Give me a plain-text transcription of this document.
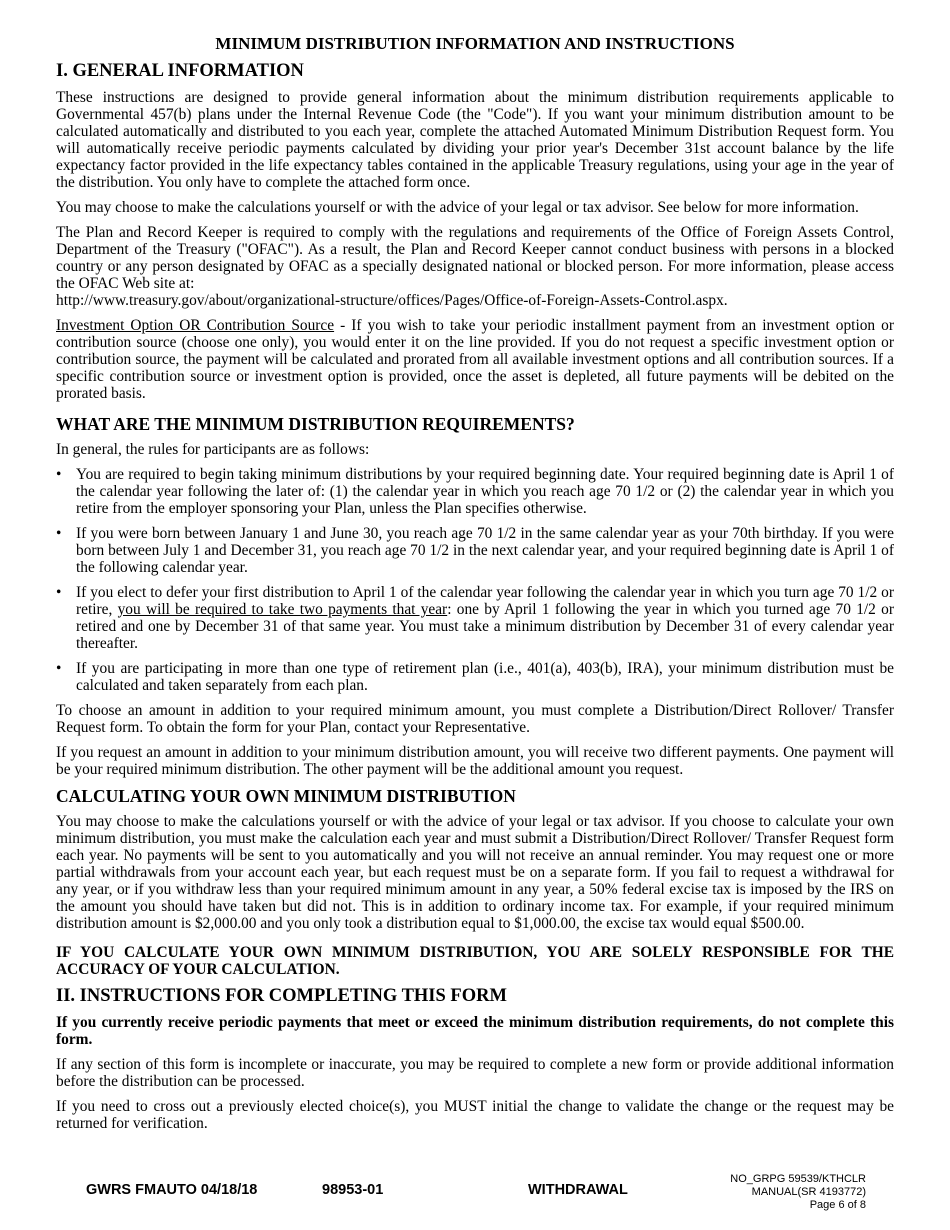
MINIMUM DISTRIBUTION INFORMATION AND INSTRUCTIONS
I. GENERAL INFORMATION

These instructions are designed to provide general information about the minimum distribution requirements applicable to Governmental 457(b) plans under the Internal Revenue Code (the "Code"). If you want your minimum distribution amount to be calculated automatically and distributed to you each year, complete the attached Automated Minimum Distribution Request form. You will automatically receive periodic payments calculated by dividing your prior year's December 31st account balance by the life expectancy factor provided in the life expectancy tables contained in the applicable Treasury regulations, using your age in the year of the distribution. You only have to complete the attached form once.

You may choose to make the calculations yourself or with the advice of your legal or tax advisor. See below for more information.

The Plan and Record Keeper is required to comply with the regulations and requirements of the Office of Foreign Assets Control, Department of the Treasury ("OFAC"). As a result, the Plan and Record Keeper cannot conduct business with persons in a blocked country or any person designated by OFAC as a specially designated national or blocked person. For more information, please access the OFAC Web site at:

http://www.treasury.gov/about/organizational-structure/offices/Pages/Office-of-Foreign-Assets-Control.aspx.

Investment Option OR Contribution Source - If you wish to take your periodic installment payment from an investment option or contribution source (choose one only), you would enter it on the line provided. If you do not request a specific investment option or contribution source, the payment will be calculated and prorated from all available investment options and all contribution sources. If a specific contribution source or investment option is provided, once the asset is depleted, all future payments will be debited on the prorated basis.

WHAT ARE THE MINIMUM DISTRIBUTION REQUIREMENTS?

In general, the rules for participants are as follows:

• You are required to begin taking minimum distributions by your required beginning date. Your required beginning date is April 1 of the calendar year following the later of: (1) the calendar year in which you reach age 70 1/2 or (2) the calendar year in which you retire from the employer sponsoring your Plan, unless the Plan specifies otherwise.
• If you were born between January 1 and June 30, you reach age 70 1/2 in the same calendar year as your 70th birthday. If you were born between July 1 and December 31, you reach age 70 1/2 in the next calendar year, and your required beginning date is April 1 of the following calendar year.
• If you elect to defer your first distribution to April 1 of the calendar year following the calendar year in which you turn age 70 1/2 or retire, you will be required to take two payments that year: one by April 1 following the year in which you turned age 70 1/2 or retired and one by December 31 of that same year. You must take a minimum distribution by December 31 of every calendar year thereafter.
• If you are participating in more than one type of retirement plan (i.e., 401(a), 403(b), IRA), your minimum distribution must be calculated and taken separately from each plan.

To choose an amount in addition to your required minimum amount, you must complete a Distribution/Direct Rollover/ Transfer Request form. To obtain the form for your Plan, contact your Representative.

If you request an amount in addition to your minimum distribution amount, you will receive two different payments. One payment will be your required minimum distribution. The other payment will be the additional amount you request.

CALCULATING YOUR OWN MINIMUM DISTRIBUTION

You may choose to make the calculations yourself or with the advice of your legal or tax advisor. If you choose to calculate your own minimum distribution, you must make the calculation each year and must submit a Distribution/Direct Rollover/ Transfer Request form each year. No payments will be sent to you automatically and you will not receive an annual reminder. You may request one or more partial withdrawals from your account each year, but each request must be on a separate form. If you fail to request a withdrawal for any year, or if you withdraw less than your required minimum amount in any year, a 50% federal excise tax is imposed by the IRS on the amount you should have taken but did not. This is in addition to ordinary income tax. For example, if your required minimum distribution amount is $2,000.00 and you only took a distribution equal to $1,000.00, the excise tax would equal $500.00.

IF YOU CALCULATE YOUR OWN MINIMUM DISTRIBUTION, YOU ARE SOLELY RESPONSIBLE FOR THE ACCURACY OF YOUR CALCULATION.

II. INSTRUCTIONS FOR COMPLETING THIS FORM

If you currently receive periodic payments that meet or exceed the minimum distribution requirements, do not complete this form.

If any section of this form is incomplete or inaccurate, you may be required to complete a new form or provide additional information before the distribution can be processed.

If you need to cross out a previously elected choice(s), you MUST initial the change to validate the change or the request may be returned for verification.

GWRS FMAUTO 04/18/18	98953-01	WITHDRAWAL
NO_GRPG 59539/KTHCLR
MANUAL(SR 4193772)
Page 6 of 8
